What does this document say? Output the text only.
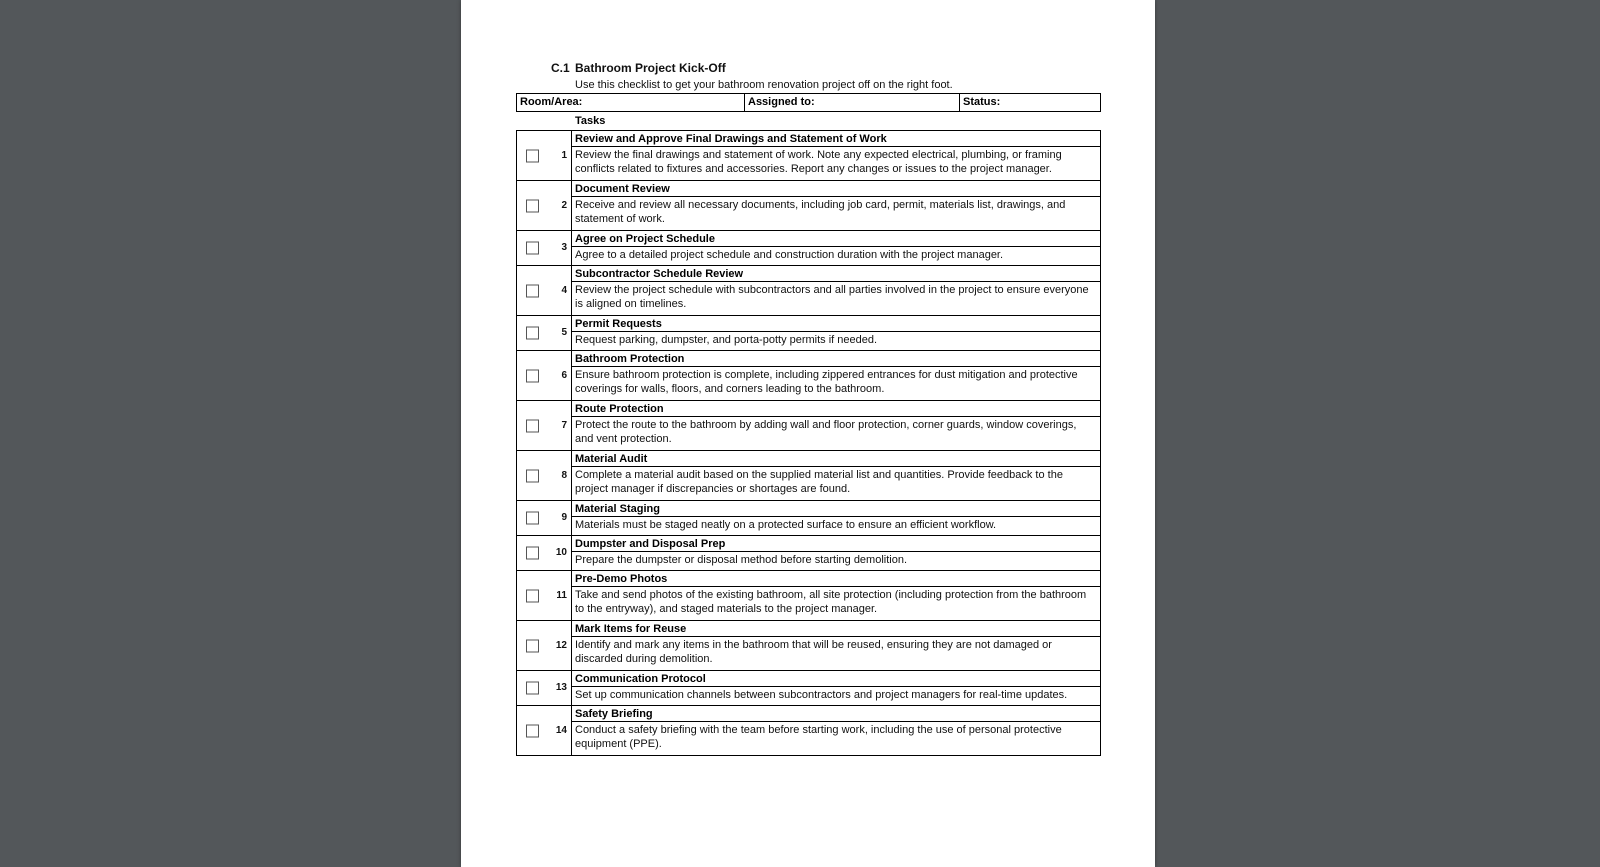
C.1 Bathroom Project Kick-Off
Use this checklist to get your bathroom renovation project off on the right foot.
Room/Area:	Assigned to:	Status:
Tasks
1
Review and Approve Final Drawings and Statement of Work
Review the final drawings and statement of work. Note any expected electrical, plumbing, or framing conflicts related to fixtures and accessories. Report any changes or issues to the project manager.
2
Document Review
Receive and review all necessary documents, including job card, permit, materials list, drawings, and statement of work.
3
Agree on Project Schedule
Agree to a detailed project schedule and construction duration with the project manager.
4
Subcontractor Schedule Review
Review the project schedule with subcontractors and all parties involved in the project to ensure everyone is aligned on timelines.
5
Permit Requests
Request parking, dumpster, and porta-potty permits if needed.
6
Bathroom Protection
Ensure bathroom protection is complete, including zippered entrances for dust mitigation and protective coverings for walls, floors, and corners leading to the bathroom.
7
Route Protection
Protect the route to the bathroom by adding wall and floor protection, corner guards, window coverings, and vent protection.
8
Material Audit
Complete a material audit based on the supplied material list and quantities. Provide feedback to the project manager if discrepancies or shortages are found.
9
Material Staging
Materials must be staged neatly on a protected surface to ensure an efficient workflow.
10
Dumpster and Disposal Prep
Prepare the dumpster or disposal method before starting demolition.
11
Pre-Demo Photos
Take and send photos of the existing bathroom, all site protection (including protection from the bathroom to the entryway), and staged materials to the project manager.
12
Mark Items for Reuse
Identify and mark any items in the bathroom that will be reused, ensuring they are not damaged or discarded during demolition.
13
Communication Protocol
Set up communication channels between subcontractors and project managers for real-time updates.
14
Safety Briefing
Conduct a safety briefing with the team before starting work, including the use of personal protective equipment (PPE).
